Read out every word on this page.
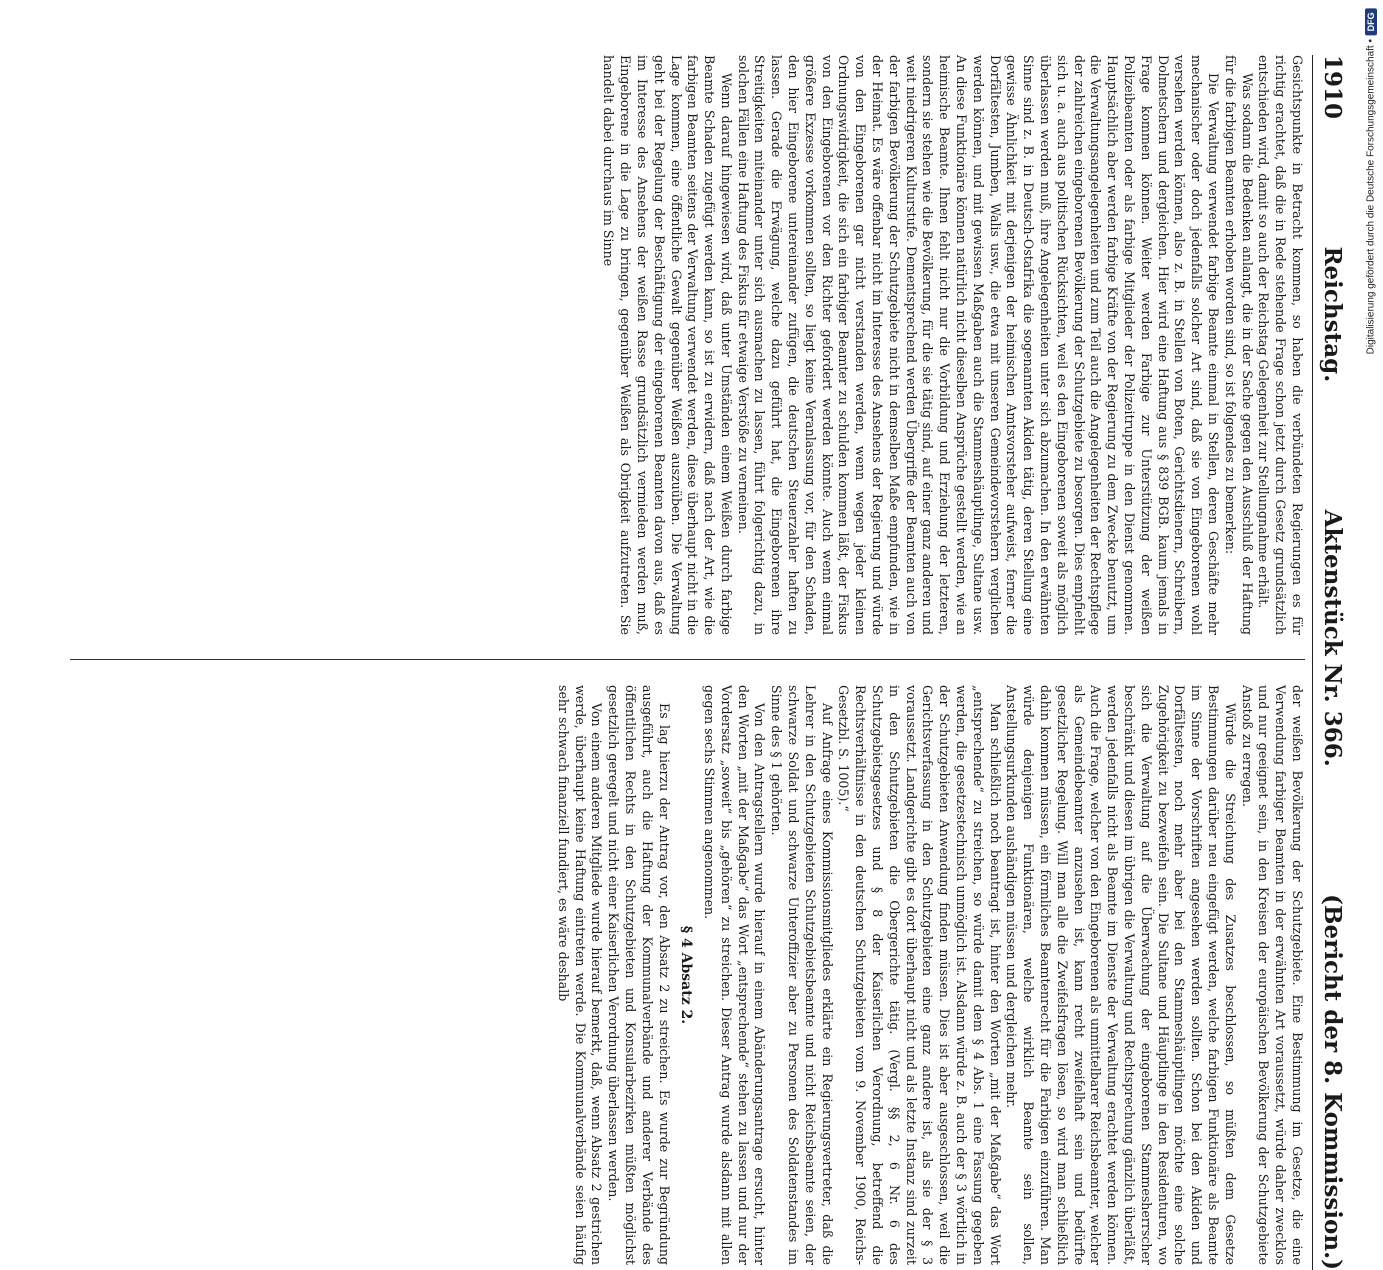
1910
Reichstag.
Aktenstück Nr. 366.
(Bericht der 8. Kommission.)

Gesichtspunkte in Betracht kommen, so haben die verbündeten Regierungen es für richtig erachtet, daß die in Rede stehende Frage schon jetzt durch Gesetz grundsätzlich entschieden wird, damit so auch der Reichstag Gelegenheit zur Stellungnahme erhält.

Was sodann die Bedenken anlangt, die in der Sache gegen den Ausschluß der Haftung für die farbigen Beamten erhoben worden sind, so ist folgendes zu bemerken:

Die Verwaltung verwendet farbige Beamte einmal in Stellen, deren Geschäfte mehr mechanischer oder doch jedenfalls solcher Art sind, daß sie von Eingeborenen wohl versehen werden können, also z. B. in Stellen von Boten, Gerichtsdienern, Schreibern, Dolmetschern und dergleichen. Hier wird eine Haftung aus § 839 BGB. kaum jemals in Frage kommen können. Weiter werden Farbige zur Unterstützung der weißen Polizeibeamten oder als farbige Mitglieder der Polizeitruppe in den Dienst genommen. Hauptsächlich aber werden farbige Kräfte von der Regierung zu dem Zwecke benutzt, um die Verwaltungsangelegenheiten und zum Teil auch die Angelegenheiten der Rechtspflege der zahlreichen eingeborenen Bevölkerung der Schutzgebiete zu besorgen. Dies empfiehlt sich u. a. auch aus politischen Rücksichten, weil es den Eingeborenen soweit als möglich überlassen werden muß, ihre Angelegenheiten unter sich abzumachen. In den erwähnten Sinne sind z. B. in Deutsch-Ostafrika die sogenannten Akiden tätig, deren Stellung eine gewisse Ähnlichkeit mit derjenigen der heimischen Amtsvorsteher aufweist, ferner die Dorfältesten, Jumben, Walis usw., die etwa mit unseren Gemeindevorstehern verglichen werden können, und mit gewissen Maßgaben auch die Stammeshäuptlinge, Sultane usw. An diese Funktionäre können natürlich nicht dieselben Ansprüche gestellt werden, wie an heimische Beamte. Ihnen fehlt nicht nur die Vorbildung und Erziehung der letzteren, sondern sie stehen wie die Bevölkerung, für die sie tätig sind, auf einer ganz anderen und weit niedrigeren Kulturstufe. Dementsprechend werden Übergriffe der Beamten auch von der farbigen Bevölkerung der Schutzgebiete nicht in demselben Maße empfunden, wie in der Heimat. Es wäre offenbar nicht im Interesse des Ansehens der Regierung und würde von den Eingeborenen gar nicht verstanden werden, wenn wegen jeder kleinen Ordnungswidrigkeit, die sich ein farbiger Beamter zu schulden kommen läßt, der Fiskus von den Eingeborenen vor den Richter gefordert werden könnte. Auch wenn einmal größere Exzesse vorkommen sollten, so liegt keine Veranlassung vor, für den Schaden, den hier Eingeborene untereinander zufügen, die deutschen Steuerzahler haften zu lassen. Gerade die Erwägung, welche dazu geführt hat, die Eingeborenen ihre Streitigkeiten miteinander unter sich ausmachen zu lassen, führt folgerichtig dazu, in solchen Fällen eine Haftung des Fiskus für etwaige Verstöße zu verneinen.

Wenn darauf hingewiesen wird, daß unter Umständen einem Weißen durch farbige Beamte Schaden zugefügt werden kann, so ist zu erwidern, daß nach der Art, wie die farbigen Beamten seitens der Verwaltung verwendet werden, diese überhaupt nicht in die Lage kommen, eine öffentliche Gewalt gegenüber Weißen auszuüben. Die Verwaltung geht bei der Regelung der Beschäftigung der eingeborenen Beamten davon aus, daß es im Interesse des Ansehens der weißen Rasse grundsätzlich vermieden werden muß, Eingeborene in die Lage zu bringen, gegenüber Weißen als Obrigkeit aufzutreten. Sie handelt dabei durchaus im Sinne

der weißen Bevölkerung der Schutzgebiete. Eine Bestimmung im Gesetze, die eine Verwendung farbiger Beamten in der erwähnten Art voraussetzt, würde daher zwecklos und nur geeignet sein, in den Kreisen der europäischen Bevölkerung der Schutzgebiete Anstoß zu erregen.

Würde die Streichung des Zusatzes beschlossen, so müßten dem Gesetze Bestimmungen darüber neu eingefügt werden, welche farbigen Funktionäre als Beamte im Sinne der Vorschriften angesehen werden sollten. Schon bei den Akiden und Dorfältesten, noch mehr aber bei den Stammeshäuptlingen möchte eine solche Zugehörigkeit zu bezweifeln sein. Die Sultane und Häuptlinge in den Residenturen, wo sich die Verwaltung auf die Überwachung der eingeborenen Stammesherrscher beschränkt und diesen im übrigen die Verwaltung und Rechtsprechung gänzlich überläßt, werden jedenfalls nicht als Beamte im Dienste der Verwaltung erachtet werden können. Auch die Frage, welcher von den Eingeborenen als unmittelbarer Reichsbeamter, welcher als Gemeindebeamter anzusehen ist, kann recht zweifelhaft sein und bedürfte gesetzlicher Regelung. Will man alle die Zweifelsfragen lösen, so wird man schließlich dahin kommen müssen, ein förmliches Beamtenrecht für die Farbigen einzuführen. Man würde denjenigen Funktionären, welche wirklich Beamte sein sollen, Anstellungsurkunden aushändigen müssen und dergleichen mehr.

Man schließlich noch beantragt ist, hinter den Worten „mit der Maßgabe“ das Wort „entsprechende“ zu streichen, so würde damit dem § 4 Abs. 1 eine Fassung gegeben werden, die gesetzestechnisch unmöglich ist. Alsdann würde z. B. auch der § 3 wörtlich in der Schutzgebieten Anwendung finden müssen. Dies ist aber ausgeschlossen, weil die Gerichtsverfassung in den Schutzgebieten eine ganz andere ist, als sie der § 3 voraussetzt. Landgerichte gibt es dort überhaupt nicht und als letzte Instanz sind zurzeit in den Schutzgebieten die Obergerichte tätig. (Vergl. §§ 2, 6 Nr. 6 des Schutzgebietsgesetzes und § 8 der Kaiserlichen Verordnung, betreffend die Rechtsverhältnisse in den deutschen Schutzgebieten vom 9. November 1900, Reichs-Gesetzbl. S. 1005).“

Auf Anfrage eines Kommissionsmitgliedes erklärte ein Regierungsvertreter, daß die Lehrer in den Schutzgebieten Schutzgebietsbeamte und nicht Reichsbeamte seien, der schwarze Soldat und schwarze Unteroffizier aber zu Personen des Soldatenstandes im Sinne des § 1 gehörten.

Von den Antragstellern wurde hierauf in einem Abänderungsantrage ersucht, hinter den Worten „mit der Maßgabe“ das Wort „entsprechende“ stehen zu lassen und nur der Vordersatz „soweit“ bis „gehören“ zu streichen. Dieser Antrag wurde alsdann mit allen gegen sechs Stimmen angenommen.

§ 4 Absatz 2.

Es lag hierzu der Antrag vor, den Absatz 2 zu streichen. Es wurde zur Begründung ausgeführt, auch die Haftung der Kommunalverbände und anderer Verbände des öffentlichen Rechts in den Schutzgebieten und Konsularbezirken müßten möglichst gesetzlich geregelt und nicht einer Kaiserlichen Verordnung überlassen werden.

Von einem anderen Mitgliede wurde hierauf bemerkt, daß, wenn Absatz 2 gestrichen werde, überhaupt keine Haftung eintreten werde. Die Kommunalverbände seien häufig sehr schwach finanziell fundiert, es wäre deshalb

Digitalisierung gefördert durch die Deutsche Forschungsgemeinschaft •
DFG
